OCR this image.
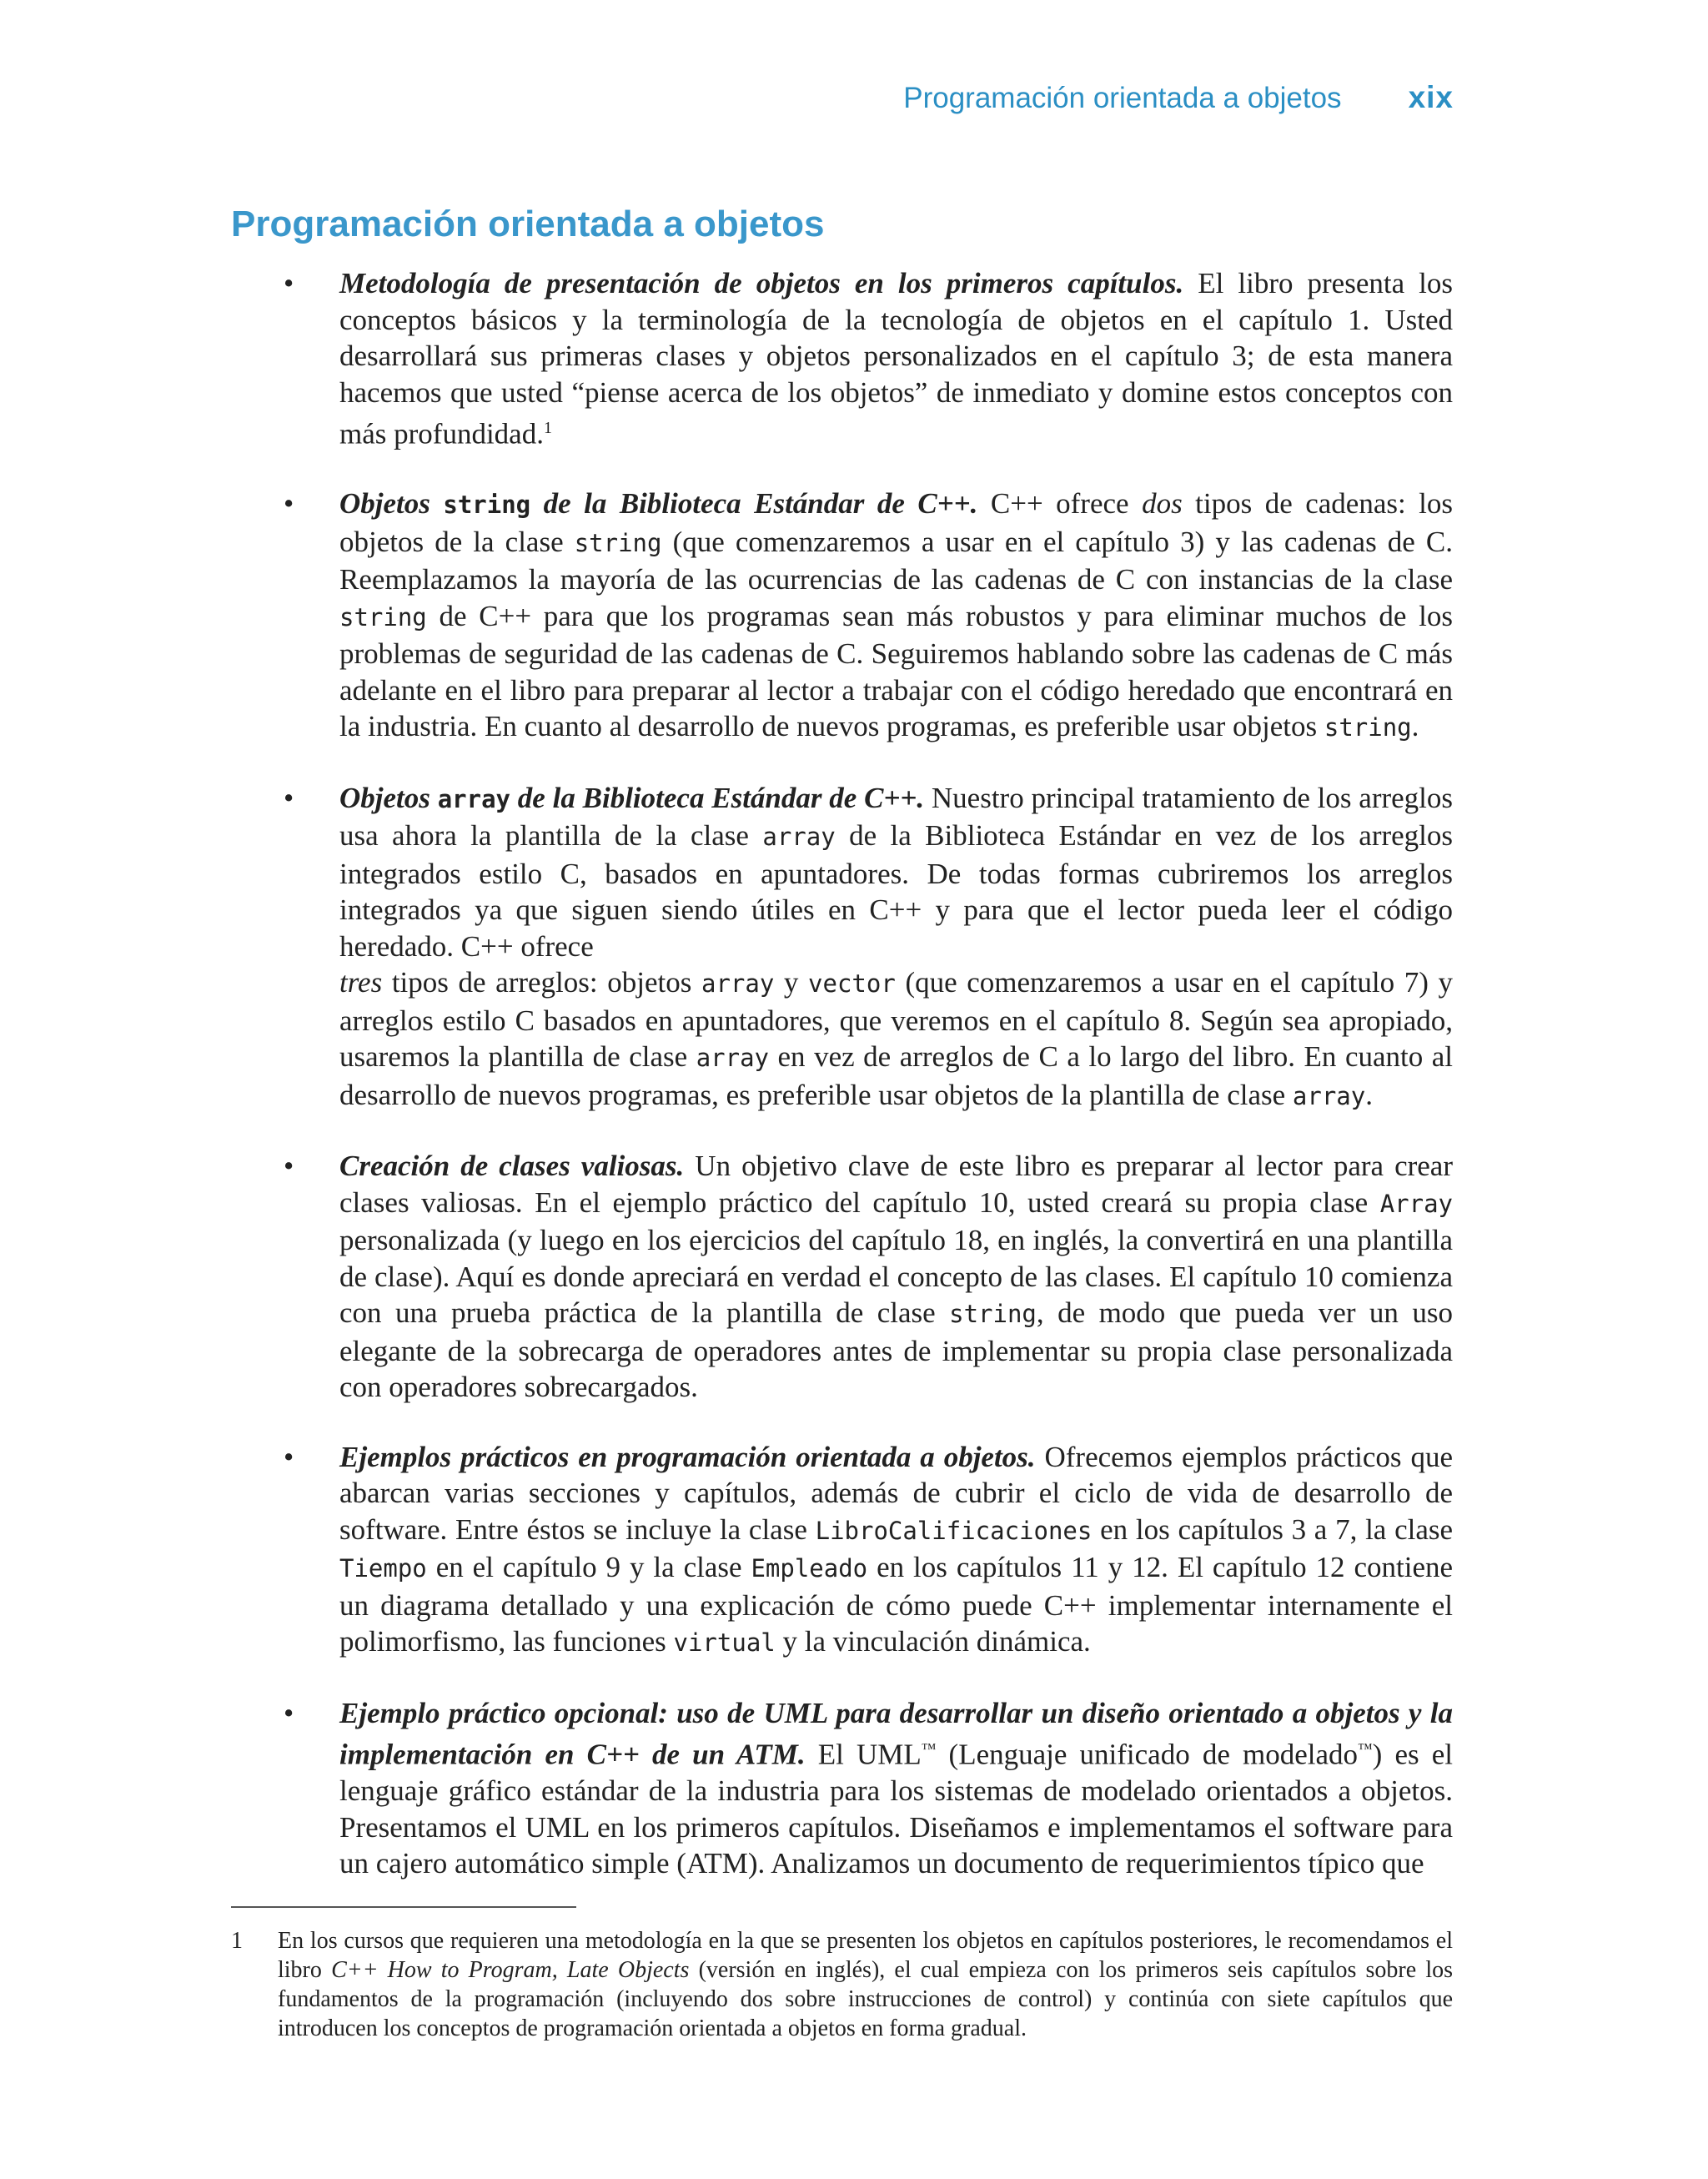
Programación orientada a objetos xix
Programación orientada a objetos
• Metodología de presentación de objetos en los primeros capítulos. El libro presenta los conceptos básicos y la terminología de la tecnología de objetos en el capítulo 1. Usted desarrollará sus primeras clases y objetos personalizados en el capítulo 3; de esta manera hacemos que usted “piense acerca de los objetos” de inmediato y domine estos conceptos con más profundidad.$^1$
• Objetos string de la Biblioteca Estándar de C++. C++ ofrece dos tipos de cadenas: los objetos de la clase string (que comenzaremos a usar en el capítulo 3) y las cadenas de C. Reemplazamos la mayoría de las ocurrencias de las cadenas de C con instancias de la clase string de C++ para que los programas sean más robustos y para eliminar muchos de los problemas de seguridad de las cadenas de C. Seguiremos hablando sobre las cadenas de C más adelante en el libro para preparar al lector a trabajar con el código heredado que encontrará en la industria. En cuanto al desarrollo de nuevos programas, es preferible usar objetos string.
• Objetos array de la Biblioteca Estándar de C++. Nuestro principal tratamiento de los arreglos usa ahora la plantilla de la clase array de la Biblioteca Estándar en vez de los arreglos integrados estilo C, basados en apuntadores. De todas formas cubriremos los arreglos integrados ya que siguen siendo útiles en C++ y para que el lector pueda leer el código heredado. C++ ofrece
tres tipos de arreglos: objetos array y vector (que comenzaremos a usar en el capítulo 7) y arreglos estilo C basados en apuntadores, que veremos en el capítulo 8. Según sea apropiado, usaremos la plantilla de clase array en vez de arreglos de C a lo largo del libro. En cuanto al desarrollo de nuevos programas, es preferible usar objetos de la plantilla de clase array.
• Creación de clases valiosas. Un objetivo clave de este libro es preparar al lector para crear clases valiosas. En el ejemplo práctico del capítulo 10, usted creará su propia clase Array personalizada (y luego en los ejercicios del capítulo 18, en inglés, la convertirá en una plantilla de clase). Aquí es donde apreciará en verdad el concepto de las clases. El capítulo 10 comienza con una prueba práctica de la plantilla de clase string, de modo que pueda ver un uso elegante de la sobrecarga de operadores antes de implementar su propia clase personalizada con operadores sobrecargados.
• Ejemplos prácticos en programación orientada a objetos. Ofrecemos ejemplos prácticos que abarcan varias secciones y capítulos, además de cubrir el ciclo de vida de desarrollo de software. Entre éstos se incluye la clase LibroCalificaciones en los capítulos 3 a 7, la clase Tiempo en el capítulo 9 y la clase Empleado en los capítulos 11 y 12. El capítulo 12 contiene un diagrama detallado y una explicación de cómo puede C++ implementar internamente el polimorfismo, las funciones virtual y la vinculación dinámica.
• Ejemplo práctico opcional: uso de UML para desarrollar un diseño orientado a objetos y la implementación en C++ de un ATM. El UML™ (Lenguaje unificado de modelado™) es el lenguaje gráfico estándar de la industria para los sistemas de modelado orientados a objetos. Presentamos el UML en los primeros capítulos. Diseñamos e implementamos el software para un cajero automático simple (ATM). Analizamos un documento de requerimientos típico que
1	En los cursos que requieren una metodología en la que se presenten los objetos en capítulos posteriores, le recomendamos el libro C++ How to Program, Late Objects (versión en inglés), el cual empieza con los primeros seis capítulos sobre los fundamentos de la programación (incluyendo dos sobre instrucciones de control) y continúa con siete capítulos que introducen los conceptos de programación orientada a objetos en forma gradual.
